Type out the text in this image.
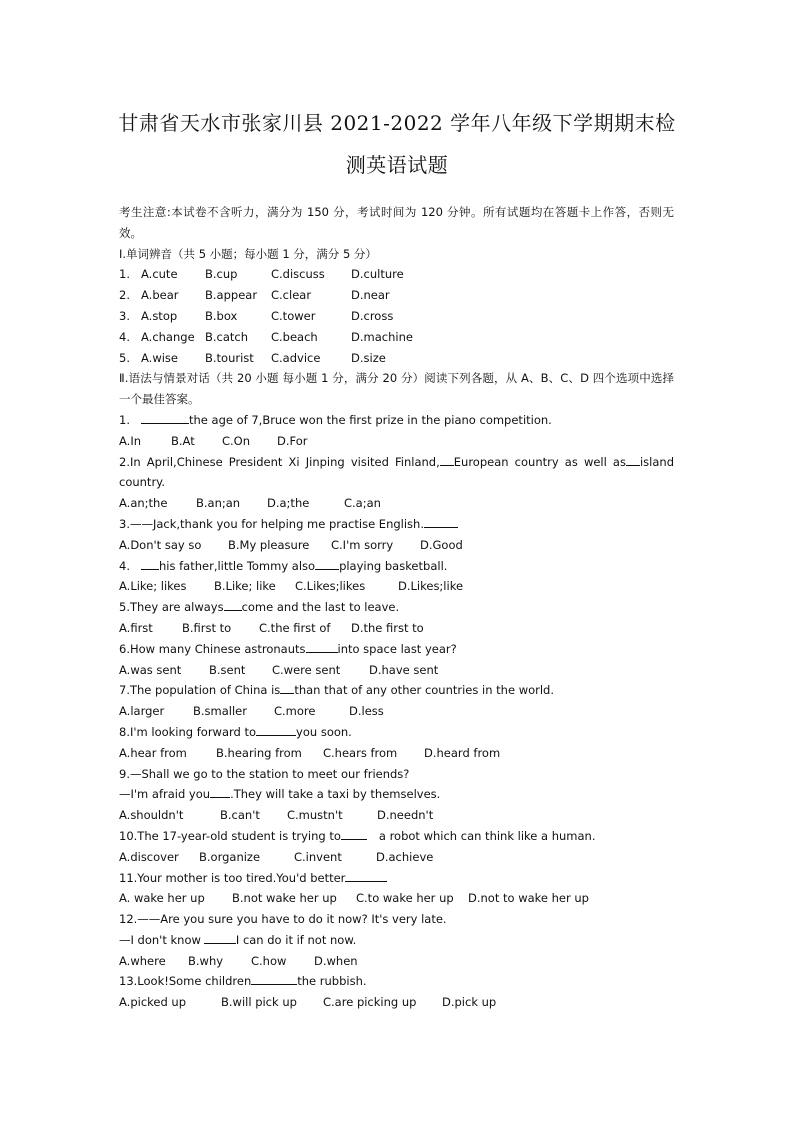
甘肃省天水市张家川县 2021-2022 学年八年级下学期期末检
测英语试题
考生注意:本试卷不含听力，满分为 150 分，考试时间为 120 分钟。所有试题均在答题卡上作答，否则无效。
Ⅰ.单词辨音（共 5 小题；每小题 1 分，满分 5 分）
1. A.cute B.cup	C.discuss D.culture
2. A.bear B.appear C.clear	D.near
3. A.stop B.box	C.tower	D.cross
4. A.change B.catch C.beach	D.machine
5. A.wise B.tourist C.advice	D.size
Ⅱ.语法与情景对话（共 20 小题 每小题 1 分，满分 20 分）阅读下列各题，从 A、B、C、D 四个选项中选择一个最佳答案。
1.	the age of 7,Bruce won the first prize in the piano competition.
A.In	B.At C.On D.For
2.In April,Chinese President Xi Jinping visited Finland, European country as well as island country.
A.an;the B.an;an D.a;the	C.a;an
3.——Jack,thank you for helping me practise English.
A.Don't say so B.My pleasure C.I'm sorry D.Good
4.	his father,little Tommy also playing basketball.
A.Like; likes B.Like; like C.Likes;likes	D.Likes;like
5.They are always come and the last to leave.
A.first	B.first to C.the first of D.the first to
6.How many Chinese astronauts	into space last year?
A.was sent B.sent C.were sent	D.have sent
7.The population of China is than that of any other countries in the world.
A.larger	B.smaller C.more	D.less
8.I'm looking forward to	you soon.
A.hear from	B.hearing from C.hears from D.heard from
9.—Shall we go to the station to meet our friends?
—I'm afraid you .They will take a taxi by themselves.
A.shouldn't	B.can't C.mustn't	D.needn't
10.The 17-year-old student is trying to	a robot which can think like a human.
A.discover B.organize	C.invent	D.achieve
11.Your mother is too tired.You'd better
A. wake her up B.not wake her up C.to wake her up D.not to wake her up
12.——Are you sure you have to do it now? It's very late.
—I don't know	I can do it if not now.
A.where B.why C.how D.when
13.Look!Some children	the rubbish.
A.picked up	B.will pick up C.are picking up D.pick up
